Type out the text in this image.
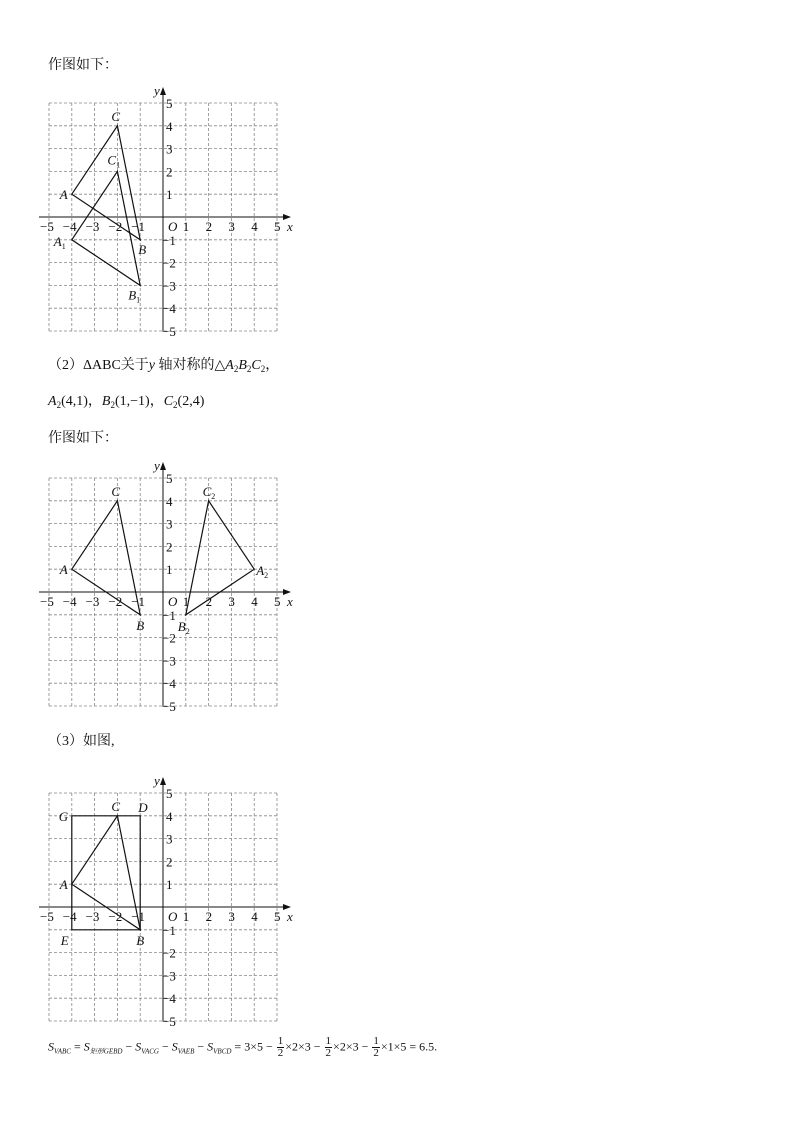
作图如下：
−5 −4 −3 −2 −1	1 2 3 4 5
5
4
3
2
1
−1
−2
−3
−4
−5
x
y
O
A
C
B
$A_1$
$C_1$
$B_1$
（2）ΔABC关于y 轴对称的$\triangle A_2B_2C_2$，
$A_2(4,1)$，$B_2(1,-1)$，$C_2(2,4)$
作图如下：
−5 −4 −3 −2 −1	1 2 3 4 5
5
4
3
2
1
−1
−2
−3
−4
−5
x
y
O
A
C
B
$C_2$
$A_2$
$B_2$
（3）如图,
−5 −4 −3 −2 −1	1 2 3 4 5
5
4
3
2
1
−1
−2
−3
−4
−5
x
y
O
G
C D
A
E	B
$S_{VABC} = S_{矩形GEBD} - S_{VACG} - S_{VAEB} - S_{VBCD} = 3\times 5 - \frac{1}{2} \times 2\times 3 - \frac{1}{2} \times 2\times 3 - \frac{1}{2} \times 1\times 5 = 6.5$.
